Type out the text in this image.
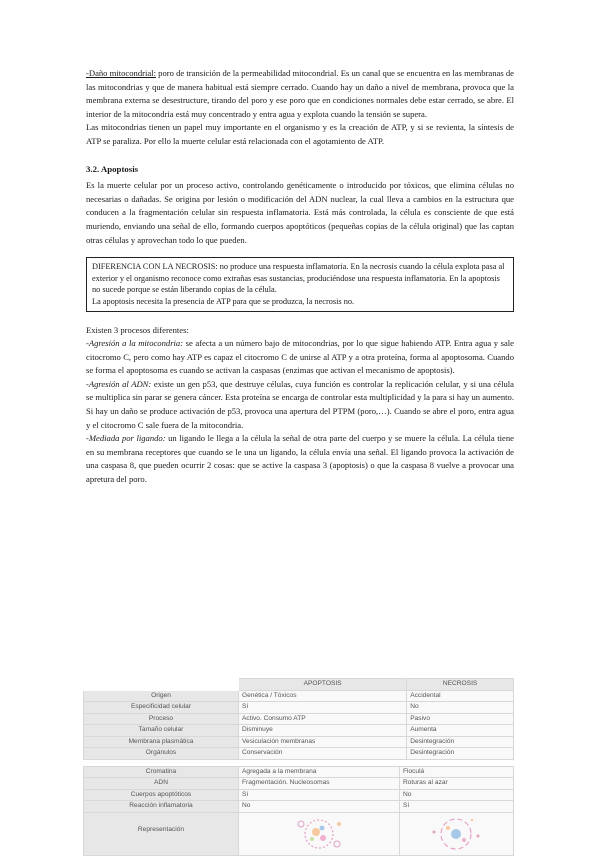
-Daño mitocondrial: poro de transición de la permeabilidad mitocondrial. Es un canal que se encuentra en las membranas de las mitocondrias y que de manera habitual está siempre cerrado. Cuando hay un daño a nivel de membrana, provoca que la membrana externa se desestructure, tirando del poro y ese poro que en condiciones normales debe estar cerrado, se abre. El interior de la mitocondria está muy concentrado y entra agua y explota cuando la tensión se supera.

Las mitocondrias tienen un papel muy importante en el organismo y es la creación de ATP, y si se revienta, la síntesis de ATP se paraliza. Por ello la muerte celular está relacionada con el agotamiento de ATP.

3.2. Apoptosis

Es la muerte celular por un proceso activo, controlando genéticamente o introducido por tóxicos, que elimina células no necesarias o dañadas. Se origina por lesión o modificación del ADN nuclear, la cual lleva a cambios en la estructura que conducen a la fragmentación celular sin respuesta inflamatoria. Está más controlada, la célula es consciente de que está muriendo, enviando una señal de ello, formando cuerpos apoptóticos (pequeñas copias de la célula original) que las captan otras células y aprovechan todo lo que pueden.

DIFERENCIA CON LA NECROSIS: no produce una respuesta inflamatoria. En la necrosis cuando la célula explota pasa al exterior y el organismo reconoce como extrañas esas sustancias, produciéndose una respuesta inflamatoria. En la apoptosis no sucede porque se están liberando copias de la célula.

La apoptosis necesita la presencia de ATP para que se produzca, la necrosis no.

Existen 3 procesos diferentes:

-Agresión a la mitocondria: se afecta a un número bajo de mitocondrias, por lo que sigue habiendo ATP. Entra agua y sale citocromo C, pero como hay ATP es capaz el citocromo C de unirse al ATP y a otra proteína, forma al apoptosoma. Cuando se forma el apoptosoma es cuando se activan la caspasas (enzimas que activan el mecanismo de apoptosis).

-Agresión al ADN: existe un gen p53, que destruye células, cuya función es controlar la replicación celular, y si una célula se multiplica sin parar se genera cáncer. Esta proteína se encarga de controlar esta multiplicidad y la para si hay un aumento. Si hay un daño se produce activación de p53, provoca una apertura del PTPM (poro,…). Cuando se abre el poro, entra agua y el citocromo C sale fuera de la mitocondria.

-Mediada por ligando: un ligando le llega a la célula la señal de otra parte del cuerpo y se muere la célula. La célula tiene en su membrana receptores que cuando se le una un ligando, la célula envía una señal. El ligando provoca la activación de una caspasa 8, que pueden ocurrir 2 cosas: que se active la caspasa 3 (apoptosis) o que la caspasa 8 vuelve a provocar una apretura del poro.

	APOPTOSIS	NECROSIS
Origen	Genética / Tóxicos	Accidental
Especificidad celular	Sí	No
Proceso	Activo. Consumo ATP	Pasivo
Tamaño celular	Disminuye	Aumenta
Membrana plasmática	Vesiculación membranas	Desintegración
Orgánulos	Conservación	Desintegración
Cromatina	Agregada a la membrana	Floculá
ADN	Fragmentación. Nucleosomas	Roturas al azar
Cuerpos apoptóticos	Sí	No
Reacción inflamatoria	No	Sí
Representación	
